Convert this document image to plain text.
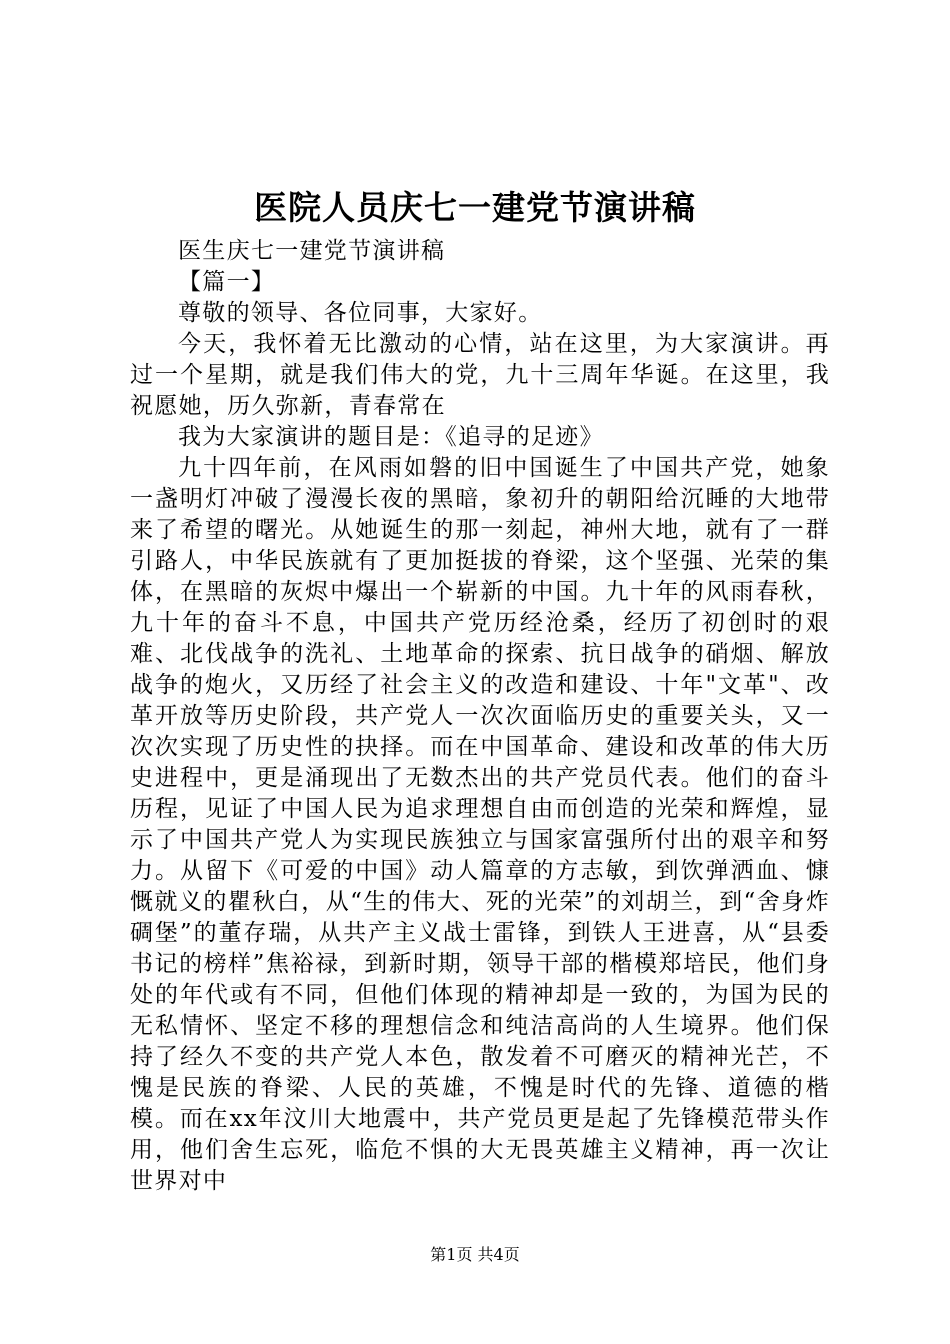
医院人员庆七一建党节演讲稿

医生庆七一建党节演讲稿

【篇一】

尊敬的领导、各位同事，大家好。

今天，我怀着无比激动的心情，站在这里，为大家演讲。再过一个星期，就是我们伟大的党，九十三周年华诞。在这里，我祝愿她，历久弥新，青春常在

我为大家演讲的题目是：《追寻的足迹》

九十四年前，在风雨如磐的旧中国诞生了中国共产党，她象一盏明灯冲破了漫漫长夜的黑暗，象初升的朝阳给沉睡的大地带来了希望的曙光。从她诞生的那一刻起，神州大地，就有了一群引路人，中华民族就有了更加挺拔的脊梁，这个坚强、光荣的集体，在黑暗的灰烬中爆出一个崭新的中国。九十年的风雨春秋，九十年的奋斗不息，中国共产党历经沧桑，经历了初创时的艰难、北伐战争的洗礼、土地革命的探索、抗日战争的硝烟、解放战争的炮火，又历经了社会主义的改造和建设、十年"文革"、改革开放等历史阶段，共产党人一次次面临历史的重要关头，又一次次实现了历史性的抉择。而在中国革命、建设和改革的伟大历史进程中，更是涌现出了无数杰出的共产党员代表。他们的奋斗历程，见证了中国人民为追求理想自由而创造的光荣和辉煌，显示了中国共产党人为实现民族独立与国家富强所付出的艰辛和努力。从留下《可爱的中国》动人篇章的方志敏，到饮弹洒血、慷慨就义的瞿秋白，从“生的伟大、死的光荣”的刘胡兰，到“舍身炸碉堡”的董存瑞，从共产主义战士雷锋，到铁人王进喜，从“县委书记的榜样”焦裕禄，到新时期，领导干部的楷模郑培民，他们身处的年代或有不同，但他们体现的精神却是一致的，为国为民的无私情怀、坚定不移的理想信念和纯洁高尚的人生境界。他们保持了经久不变的共产党人本色，散发着不可磨灭的精神光芒，不愧是民族的脊梁、人民的英雄，不愧是时代的先锋、道德的楷模。而在xx年汶川大地震中，共产党员更是起了先锋模范带头作用，他们舍生忘死，临危不惧的大无畏英雄主义精神，再一次让世界对中

第1页 共4页
